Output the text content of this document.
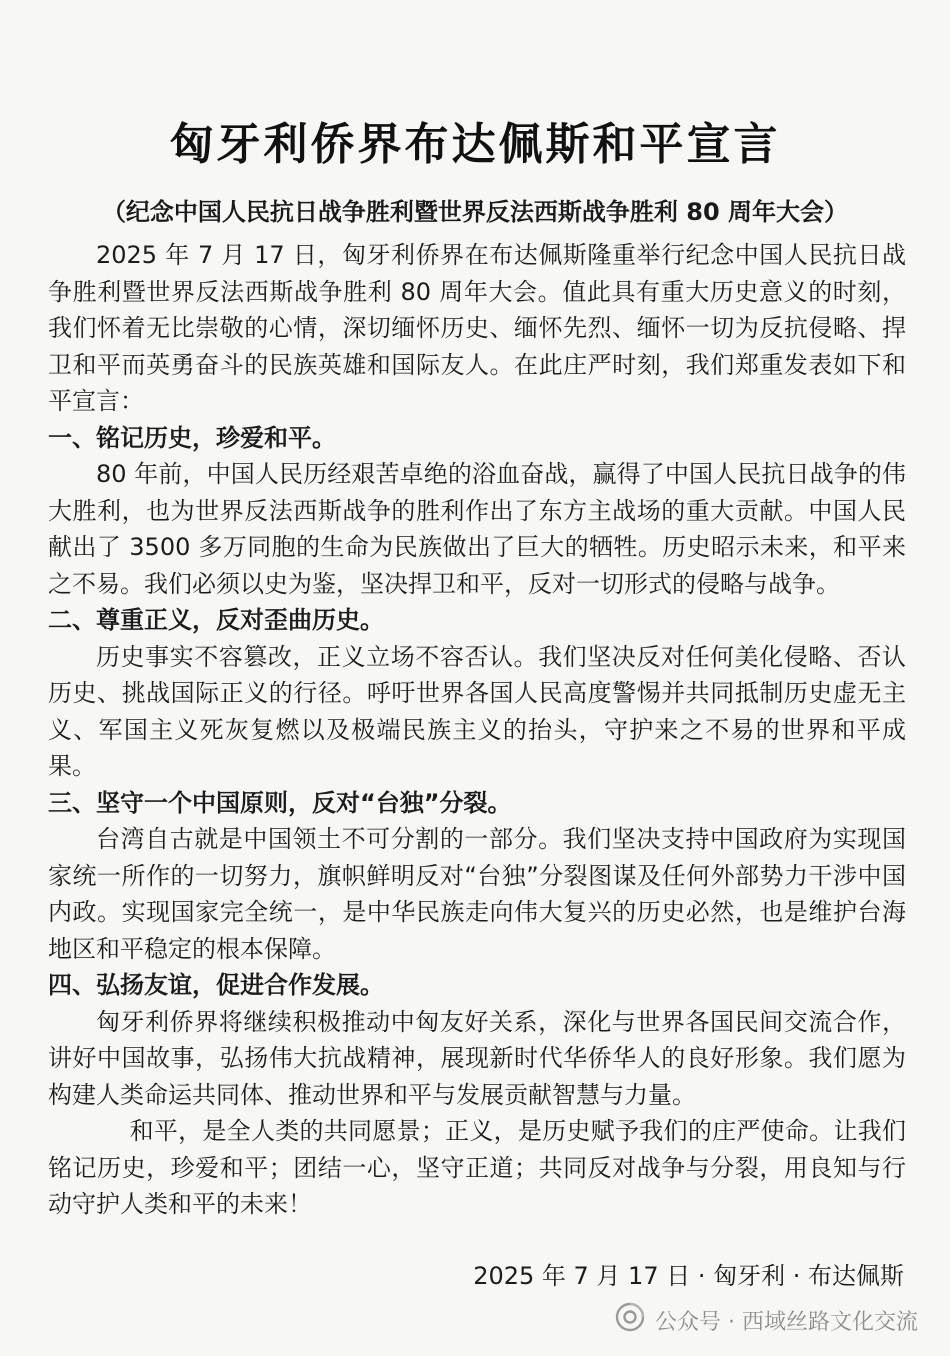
匈牙利侨界布达佩斯和平宣言
（纪念中国人民抗日战争胜利暨世界反法西斯战争胜利 80 周年大会）

2025 年 7 月 17 日，匈牙利侨界在布达佩斯隆重举行纪念中国人民抗日战争胜利暨世界反法西斯战争胜利 80 周年大会。值此具有重大历史意义的时刻，我们怀着无比崇敬的心情，深切缅怀历史、缅怀先烈、缅怀一切为反抗侵略、捍卫和平而英勇奋斗的民族英雄和国际友人。在此庄严时刻，我们郑重发表如下和平宣言：

一、铭记历史，珍爱和平。

80 年前，中国人民历经艰苦卓绝的浴血奋战，赢得了中国人民抗日战争的伟大胜利，也为世界反法西斯战争的胜利作出了东方主战场的重大贡献。中国人民献出了 3500 多万同胞的生命为民族做出了巨大的牺牲。历史昭示未来，和平来之不易。我们必须以史为鉴，坚决捍卫和平，反对一切形式的侵略与战争。

二、尊重正义，反对歪曲历史。

历史事实不容篡改，正义立场不容否认。我们坚决反对任何美化侵略、否认历史、挑战国际正义的行径。呼吁世界各国人民高度警惕并共同抵制历史虚无主义、军国主义死灰复燃以及极端民族主义的抬头，守护来之不易的世界和平成果。

三、坚守一个中国原则，反对“台独”分裂。

台湾自古就是中国领土不可分割的一部分。我们坚决支持中国政府为实现国家统一所作的一切努力，旗帜鲜明反对“台独”分裂图谋及任何外部势力干涉中国内政。实现国家完全统一，是中华民族走向伟大复兴的历史必然，也是维护台海地区和平稳定的根本保障。

四、弘扬友谊，促进合作发展。

匈牙利侨界将继续积极推动中匈友好关系，深化与世界各国民间交流合作，讲好中国故事，弘扬伟大抗战精神，展现新时代华侨华人的良好形象。我们愿为构建人类命运共同体、推动世界和平与发展贡献智慧与力量。

和平，是全人类的共同愿景；正义，是历史赋予我们的庄严使命。让我们铭记历史，珍爱和平；团结一心，坚守正道；共同反对战争与分裂，用良知与行动守护人类和平的未来！

2025 年 7 月 17 日 · 匈牙利 · 布达佩斯
公众号 · 西域丝路文化交流
